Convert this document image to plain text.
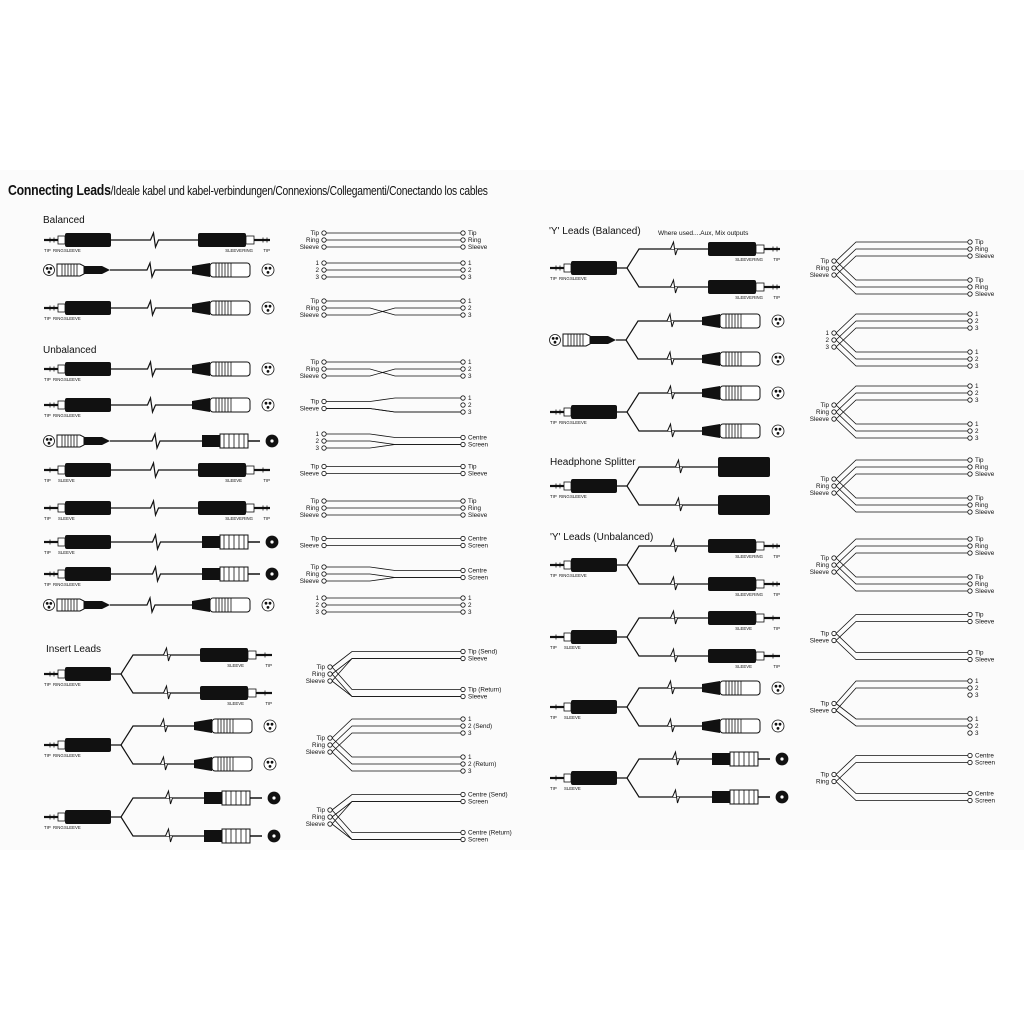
Connecting Leads/Ideale kabel und kabel-verbindungen/Connexions/Collegamenti/Conectando los cables
Balanced
Unbalanced
Insert Leads
'Y' Leads (Balanced)	Where used....Aux, Mix outputs
Headphone Splitter
'Y' Leads (Unbalanced)
TIP RING SLEEVE	SLEEVE RING TIP
Tip
Ring
Sleeve
Tip
Ring
Sleeve
1
2
3
1
2
3
TIP RING SLEEVE
Tip
Ring
Sleeve
1
2
3
TIP RING SLEEVE
Tip
Ring
Sleeve
1
2
3
TIP RING SLEEVE
Tip
Sleeve
1
2
3
1
2
3
Centre
Screen
TIP SLEEVE	SLEEVE	TIP
Tip
Sleeve
Tip
Sleeve
TIP SLEEVE	SLEEVE RING TIP
Tip
Ring
Sleeve
Tip
Ring
Sleeve
TIP SLEEVE
Tip
Sleeve
Centre
Screen
TIP RING SLEEVE
Tip
Ring
Sleeve
Centre
Screen
1
2
3
1
2
3
TIP RING SLEEVE
SLEEVE	TIP
SLEEVE	TIP
Tip
Ring
Sleeve
Tip (Send)
Sleeve
Tip (Return)
Sleeve
TIP RING SLEEVE
Tip
Ring
Sleeve
1
2 (Send)
3
1
2 (Return)
3
TIP RING SLEEVE
Tip
Ring
Sleeve
Centre (Send)
Screen
Centre (Return)
Screen
TIP RING SLEEVE
SLEEVE RING TIP
SLEEVE RING TIP
Tip
Ring
Sleeve
Tip
Ring
Sleeve
Tip
Ring
Sleeve
1
2
3
1
2
3
1
2
3
TIP RING SLEEVE
Tip
Ring
Sleeve
1
2
3
1
2
3
TIP RING SLEEVE
Tip
Ring
Sleeve
Tip
Ring
Sleeve
Tip
Ring
Sleeve
TIP RING SLEEVE
SLEEVE RING TIP
SLEEVE RING TIP
Tip
Ring
Sleeve
Tip
Ring
Sleeve
Tip
Ring
Sleeve
TIP SLEEVE
SLEEVE	TIP
SLEEVE	TIP
Tip
Sleeve
Tip
Sleeve
Tip
Sleeve
TIP SLEEVE
Tip
Sleeve
1
2
3
1
2
3
TIP SLEEVE
Tip
Ring
Centre
Screen
Centre
Screen
